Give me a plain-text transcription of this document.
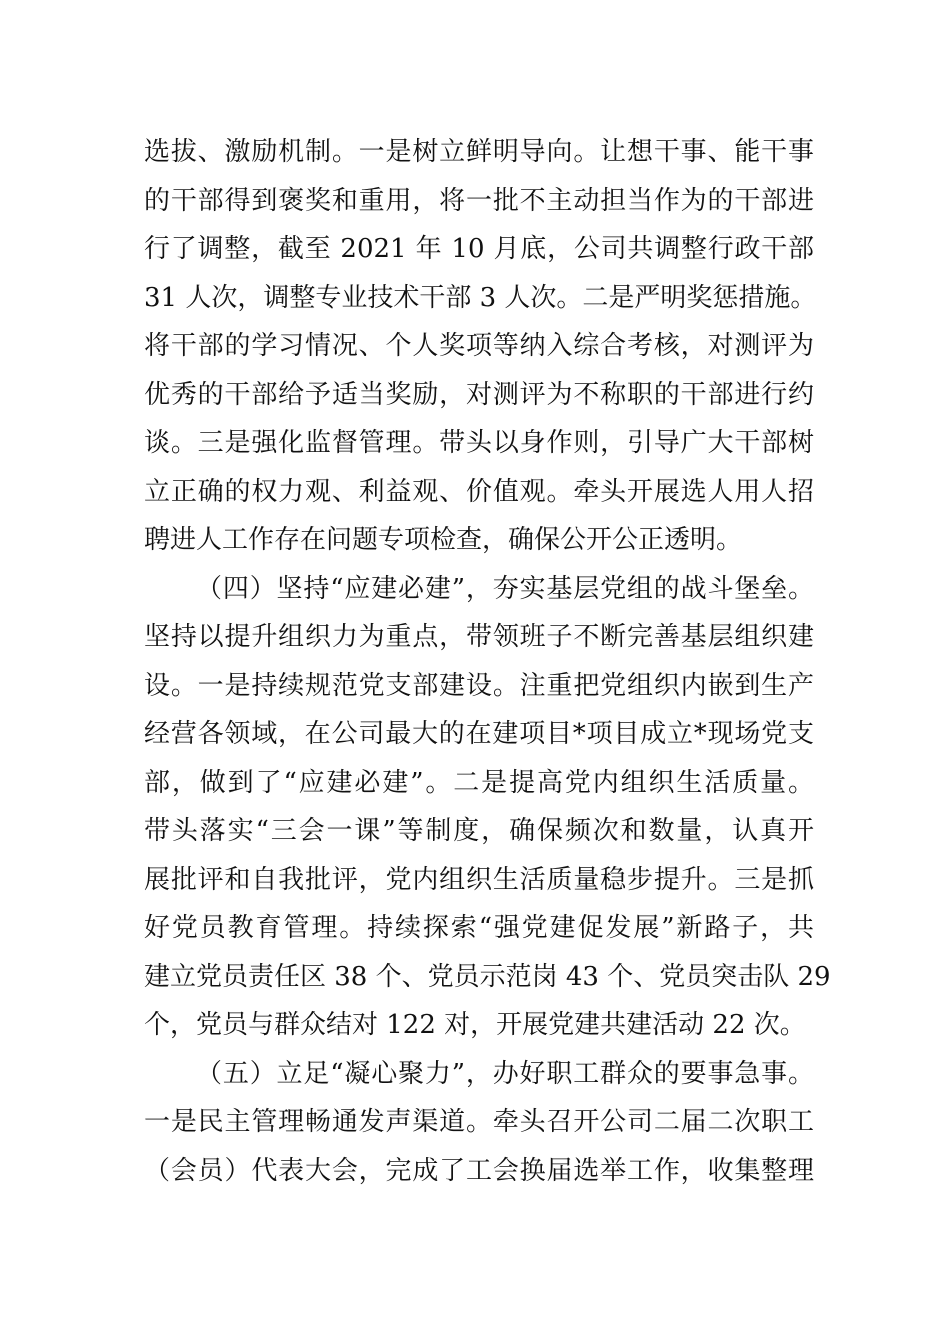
选拔、激励机制。一是树立鲜明导向。让想干事、能干事
的干部得到褒奖和重用，将一批不主动担当作为的干部进
行了调整，截至 2021 年 10 月底，公司共调整行政干部
31 人次，调整专业技术干部 3 人次。二是严明奖惩措施。
将干部的学习情况、个人奖项等纳入综合考核，对测评为
优秀的干部给予适当奖励，对测评为不称职的干部进行约
谈。三是强化监督管理。带头以身作则，引导广大干部树
立正确的权力观、利益观、价值观。牵头开展选人用人招
聘进人工作存在问题专项检查，确保公开公正透明。
（四）坚持“应建必建”，夯实基层党组的战斗堡垒。
坚持以提升组织力为重点，带领班子不断完善基层组织建
设。一是持续规范党支部建设。注重把党组织内嵌到生产
经营各领域，在公司最大的在建项目*项目成立*现场党支
部，做到了“应建必建”。二是提高党内组织生活质量。
带头落实“三会一课”等制度，确保频次和数量，认真开
展批评和自我批评，党内组织生活质量稳步提升。三是抓
好党员教育管理。持续探索“强党建促发展”新路子，共
建立党员责任区 38 个、党员示范岗 43 个、党员突击队 29
个，党员与群众结对 122 对，开展党建共建活动 22 次。
（五）立足“凝心聚力”，办好职工群众的要事急事。
一是民主管理畅通发声渠道。牵头召开公司二届二次职工
（会员）代表大会，完成了工会换届选举工作，收集整理
